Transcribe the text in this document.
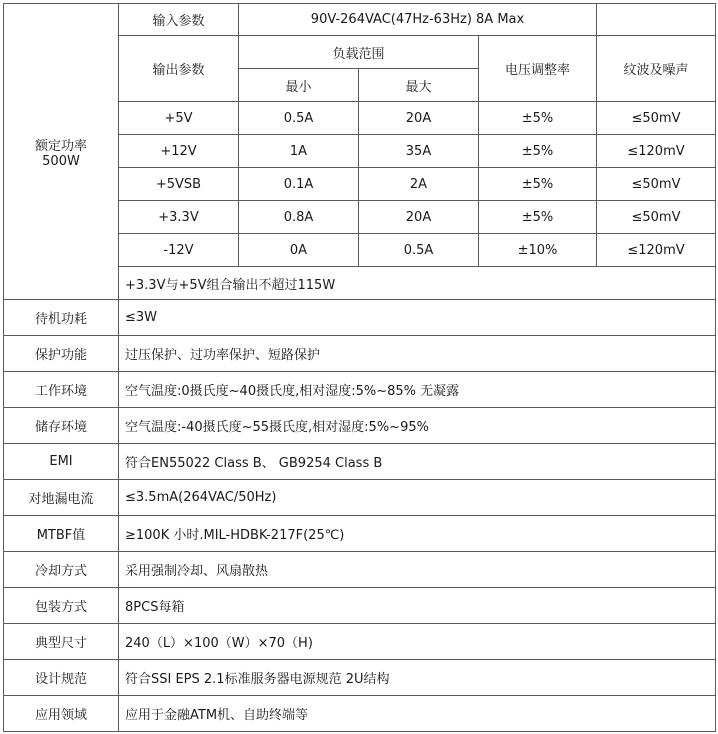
额定功率
500W	输入参数	90V-264VAC(47Hz-63Hz) 8A Max			
	输出参数	负载范围		电压调整率	纹波及噪声
		最小	最大		
	+5V	0.5A	20A	±5%	≤50mV
	+12V	1A	35A	±5%	≤120mV
	+5VSB	0.1A	2A	±5%	≤50mV
	+3.3V	0.8A	20A	±5%	≤50mV
	-12V	0A	0.5A	±10%	≤120mV
	+3.3V与+5V组合输出不超过115W				
待机功耗	≤3W				
保护功能	过压保护、过功率保护、短路保护				
工作环境	空气温度:0摄氏度~40摄氏度,相对湿度:5%~85% 无凝露				
储存环境	空气温度:-40摄氏度~55摄氏度,相对湿度:5%~95%				
EMI	符合EN55022 Class B、 GB9254 Class B				
对地漏电流	≤3.5mA(264VAC/50Hz)				
MTBF值	≥100K 小时.MIL-HDBK-217F(25℃)				
冷却方式	采用强制冷却、风扇散热				
包装方式	8PCS每箱				
典型尺寸	240（L）×100（W）×70（H)				
设计规范	符合SSI EPS 2.1标准服务器电源规范 2U结构				
应用领域	应用于金融ATM机、自助终端等				
